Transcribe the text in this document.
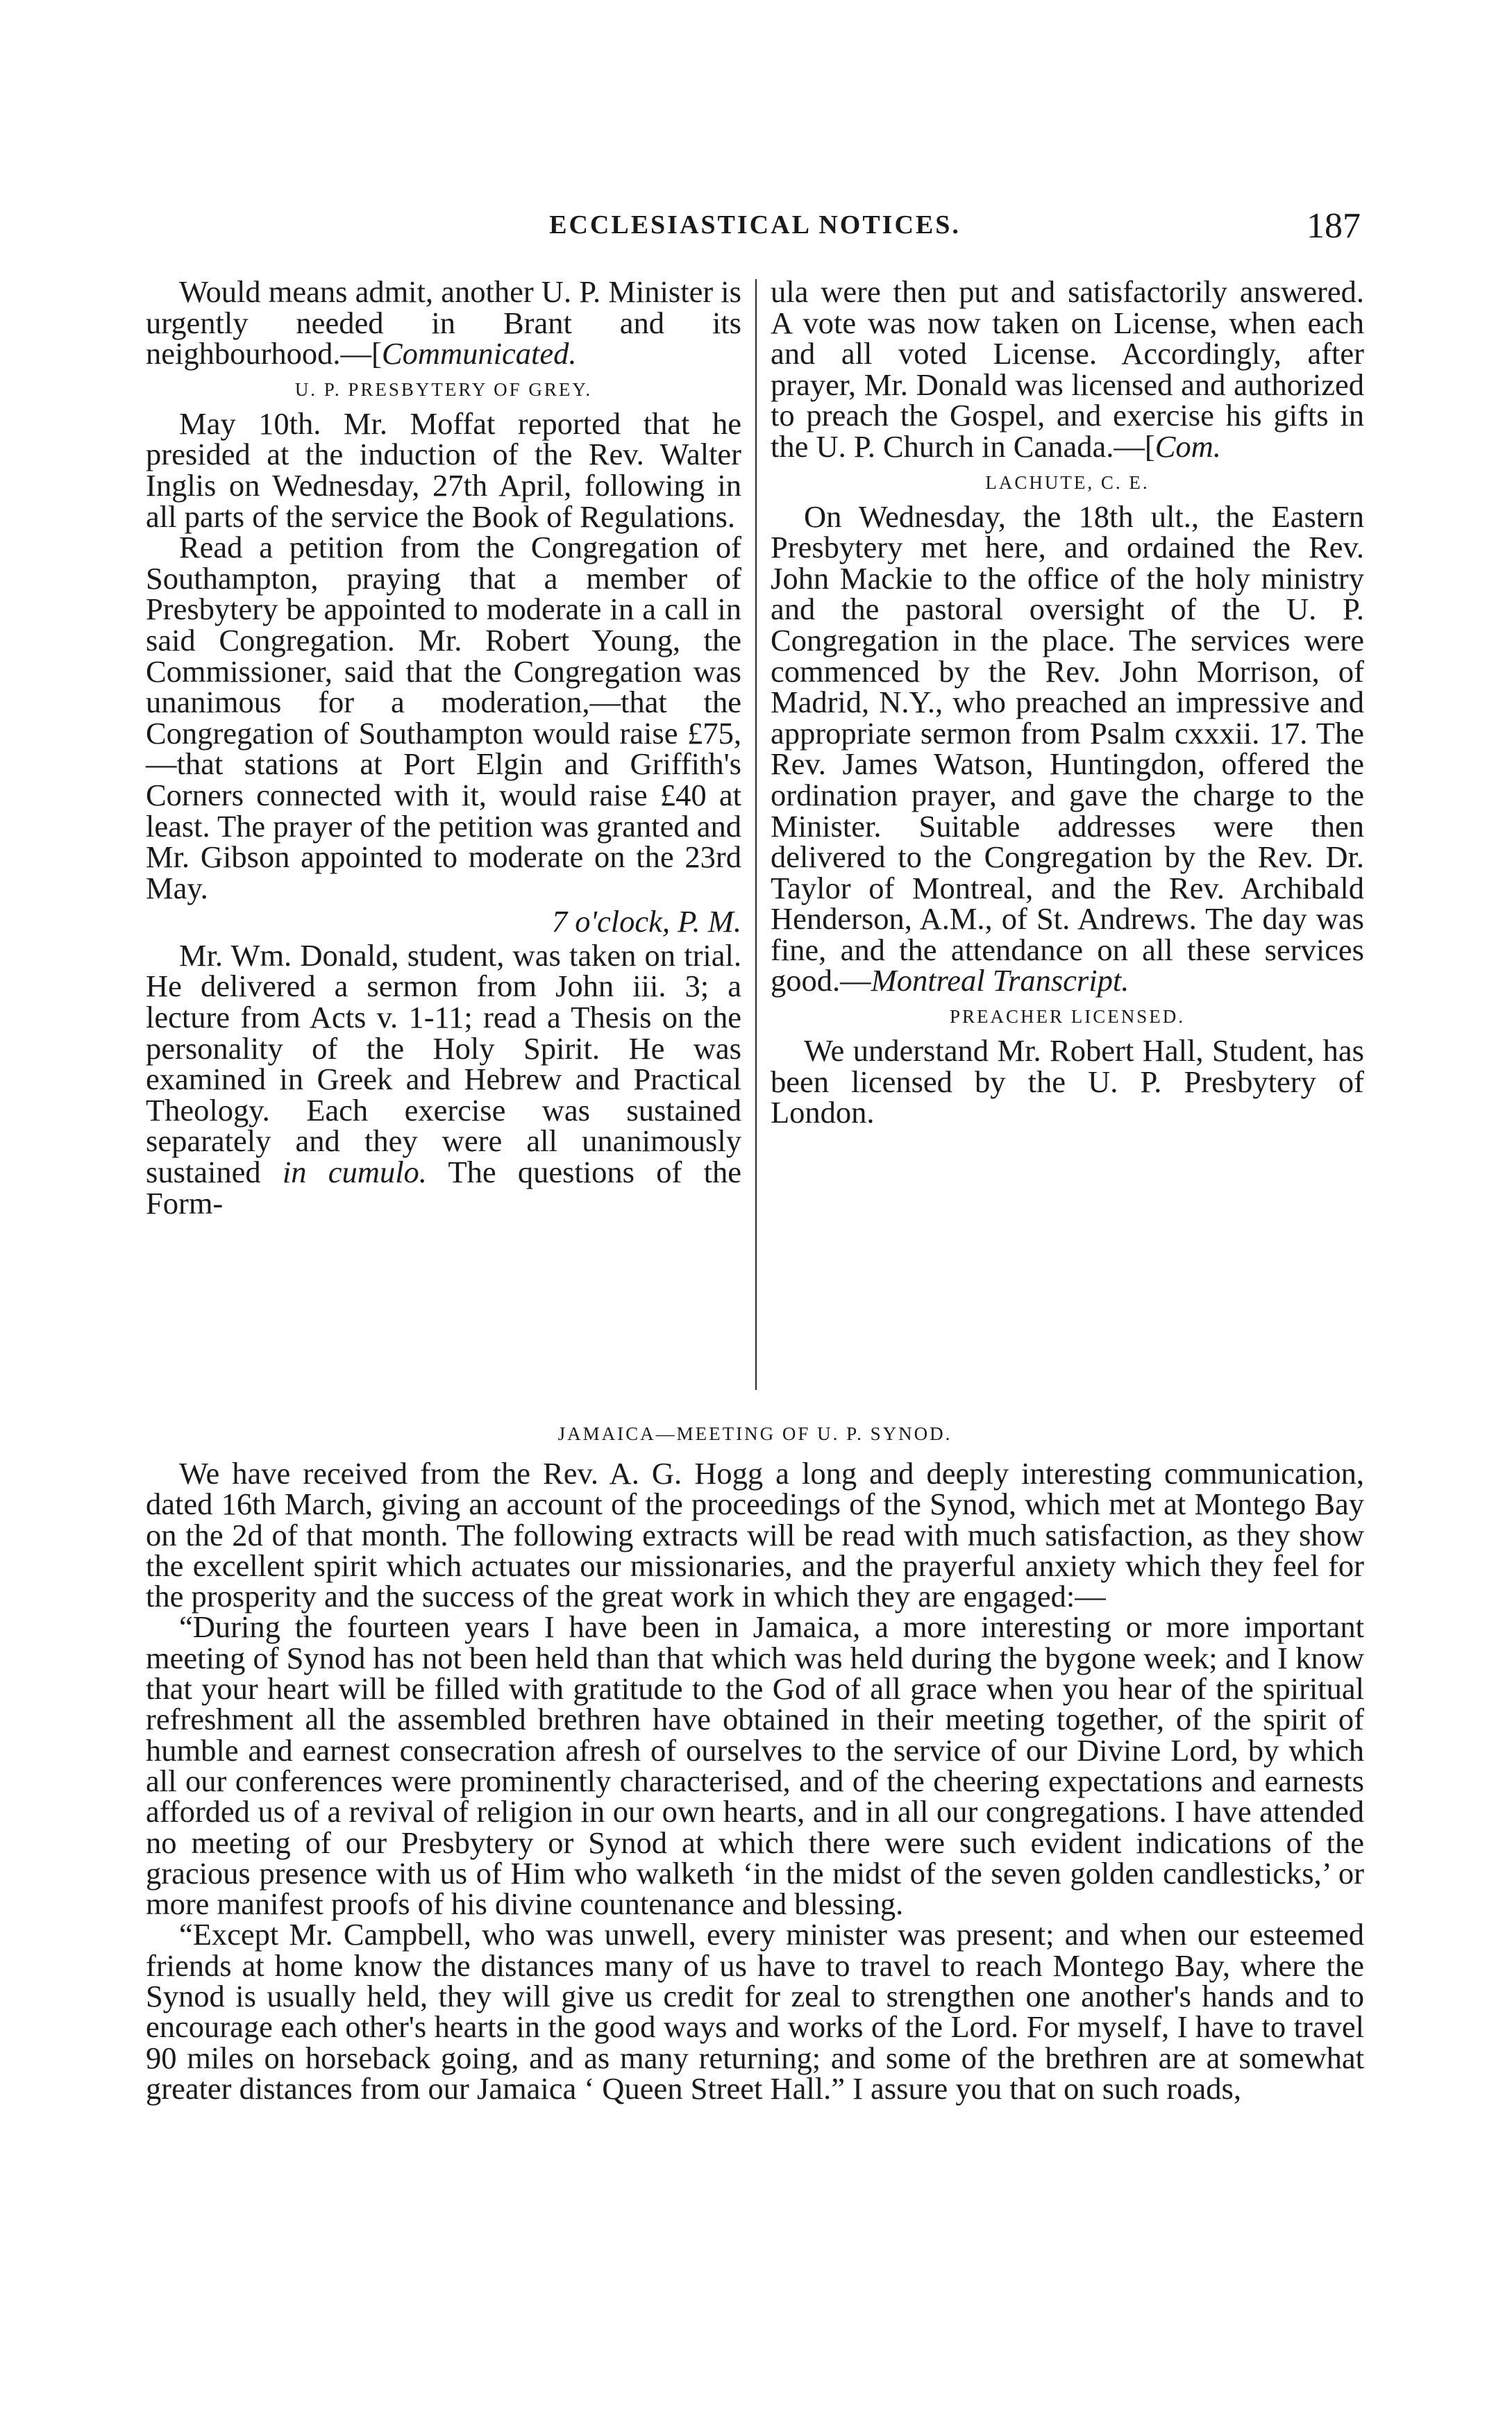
ECCLESIASTICAL NOTICES.	187

Would means admit, another U. P. Minister is urgently needed in Brant and its neighbourhood.—[Communicated.

U. P. PRESBYTERY OF GREY.

May 10th. Mr. Moffat reported that he presided at the induction of the Rev. Walter Inglis on Wednesday, 27th April, following in all parts of the service the Book of Regulations.

Read a petition from the Congregation of Southampton, praying that a member of Presbytery be appointed to moderate in a call in said Congregation. Mr. Robert Young, the Commissioner, said that the Congregation was unanimous for a moderation,—that the Congregation of Southampton would raise £75,—that stations at Port Elgin and Griffith's Corners connected with it, would raise £40 at least. The prayer of the petition was granted and Mr. Gibson appointed to moderate on the 23rd May.

7 o'clock, P. M.

Mr. Wm. Donald, student, was taken on trial. He delivered a sermon from John iii. 3; a lecture from Acts v. 1-11; read a Thesis on the personality of the Holy Spirit. He was examined in Greek and Hebrew and Practical Theology. Each exercise was sustained separately and they were all unanimously sustained in cumulo. The questions of the Form-

ula were then put and satisfactorily answered. A vote was now taken on License, when each and all voted License. Accordingly, after prayer, Mr. Donald was licensed and authorized to preach the Gospel, and exercise his gifts in the U. P. Church in Canada.—[Com.

LACHUTE, C. E.

On Wednesday, the 18th ult., the Eastern Presbytery met here, and ordained the Rev. John Mackie to the office of the holy ministry and the pastoral oversight of the U. P. Congregation in the place. The services were commenced by the Rev. John Morrison, of Madrid, N.Y., who preached an impressive and appropriate sermon from Psalm cxxxii. 17. The Rev. James Watson, Huntingdon, offered the ordination prayer, and gave the charge to the Minister. Suitable addresses were then delivered to the Congregation by the Rev. Dr. Taylor of Montreal, and the Rev. Archibald Henderson, A.M., of St. Andrews. The day was fine, and the attendance on all these services good.—Montreal Transcript.

PREACHER LICENSED.

We understand Mr. Robert Hall, Student, has been licensed by the U. P. Presbytery of London.

JAMAICA—MEETING OF U. P. SYNOD.

We have received from the Rev. A. G. Hogg a long and deeply interesting communication, dated 16th March, giving an account of the proceedings of the Synod, which met at Montego Bay on the 2d of that month. The following extracts will be read with much satisfaction, as they show the excellent spirit which actuates our missionaries, and the prayerful anxiety which they feel for the prosperity and the success of the great work in which they are engaged:—

“During the fourteen years I have been in Jamaica, a more interesting or more important meeting of Synod has not been held than that which was held during the bygone week; and I know that your heart will be filled with gratitude to the God of all grace when you hear of the spiritual refreshment all the assembled brethren have obtained in their meeting together, of the spirit of humble and earnest consecration afresh of ourselves to the service of our Divine Lord, by which all our conferences were prominently characterised, and of the cheering expectations and earnests afforded us of a revival of religion in our own hearts, and in all our congregations. I have attended no meeting of our Presbytery or Synod at which there were such evident indications of the gracious presence with us of Him who walketh ‘in the midst of the seven golden candlesticks,’ or more manifest proofs of his divine countenance and blessing.

“Except Mr. Campbell, who was unwell, every minister was present; and when our esteemed friends at home know the distances many of us have to travel to reach Montego Bay, where the Synod is usually held, they will give us credit for zeal to strengthen one another's hands and to encourage each other's hearts in the good ways and works of the Lord. For myself, I have to travel 90 miles on horseback going, and as many returning; and some of the brethren are at somewhat greater distances from our Jamaica ‘ Queen Street Hall.” I assure you that on such roads,
